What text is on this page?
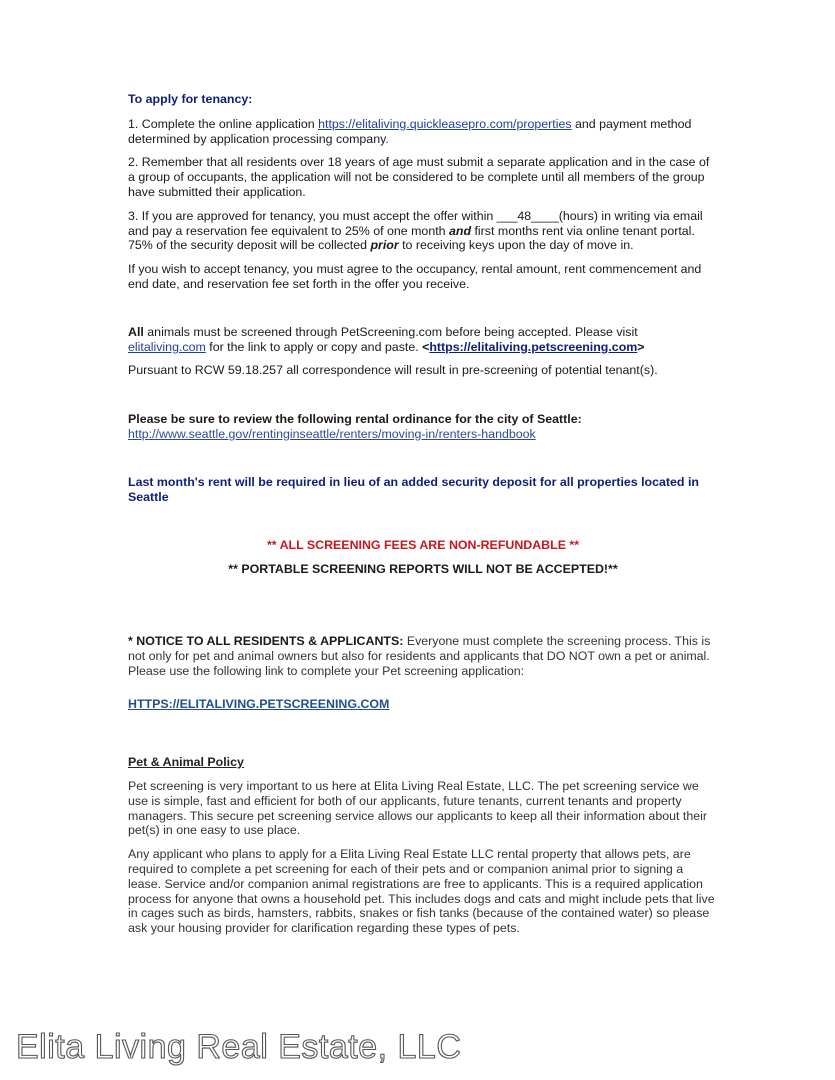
To apply for tenancy:

1. Complete the online application https://elitaliving.quickleasepro.com/properties and payment method determined by application processing company.

2. Remember that all residents over 18 years of age must submit a separate application and in the case of a group of occupants, the application will not be considered to be complete until all members of the group have submitted their application.

3. If you are approved for tenancy, you must accept the offer within ___48____(hours) in writing via email and pay a reservation fee equivalent to 25% of one month and first months rent via online tenant portal. 75% of the security deposit will be collected prior to receiving keys upon the day of move in.

If you wish to accept tenancy, you must agree to the occupancy, rental amount, rent commencement and end date, and reservation fee set forth in the offer you receive.

All animals must be screened through PetScreening.com before being accepted. Please visit elitaliving.com for the link to apply or copy and paste. <https://elitaliving.petscreening.com>

Pursuant to RCW 59.18.257 all correspondence will result in pre-screening of potential tenant(s).

Please be sure to review the following rental ordinance for the city of Seattle:

http://www.seattle.gov/rentinginseattle/renters/moving-in/renters-handbook

Last month's rent will be required in lieu of an added security deposit for all properties located in Seattle

** ALL SCREENING FEES ARE NON-REFUNDABLE **

** PORTABLE SCREENING REPORTS WILL NOT BE ACCEPTED!**

* NOTICE TO ALL RESIDENTS & APPLICANTS: Everyone must complete the screening process. This is not only for pet and animal owners but also for residents and applicants that DO NOT own a pet or animal. Please use the following link to complete your Pet screening application:

HTTPS://ELITALIVING.PETSCREENING.COM

Pet & Animal Policy

Pet screening is very important to us here at Elita Living Real Estate, LLC. The pet screening service we use is simple, fast and efficient for both of our applicants, future tenants, current tenants and property managers. This secure pet screening service allows our applicants to keep all their information about their pet(s) in one easy to use place.

Any applicant who plans to apply for a Elita Living Real Estate LLC rental property that allows pets, are required to complete a pet screening for each of their pets and or companion animal prior to signing a lease. Service and/or companion animal registrations are free to applicants. This is a required application process for anyone that owns a household pet. This includes dogs and cats and might include pets that live in cages such as birds, hamsters, rabbits, snakes or fish tanks (because of the contained water) so please ask your housing provider for clarification regarding these types of pets.

Elita Living Real Estate, LLC
